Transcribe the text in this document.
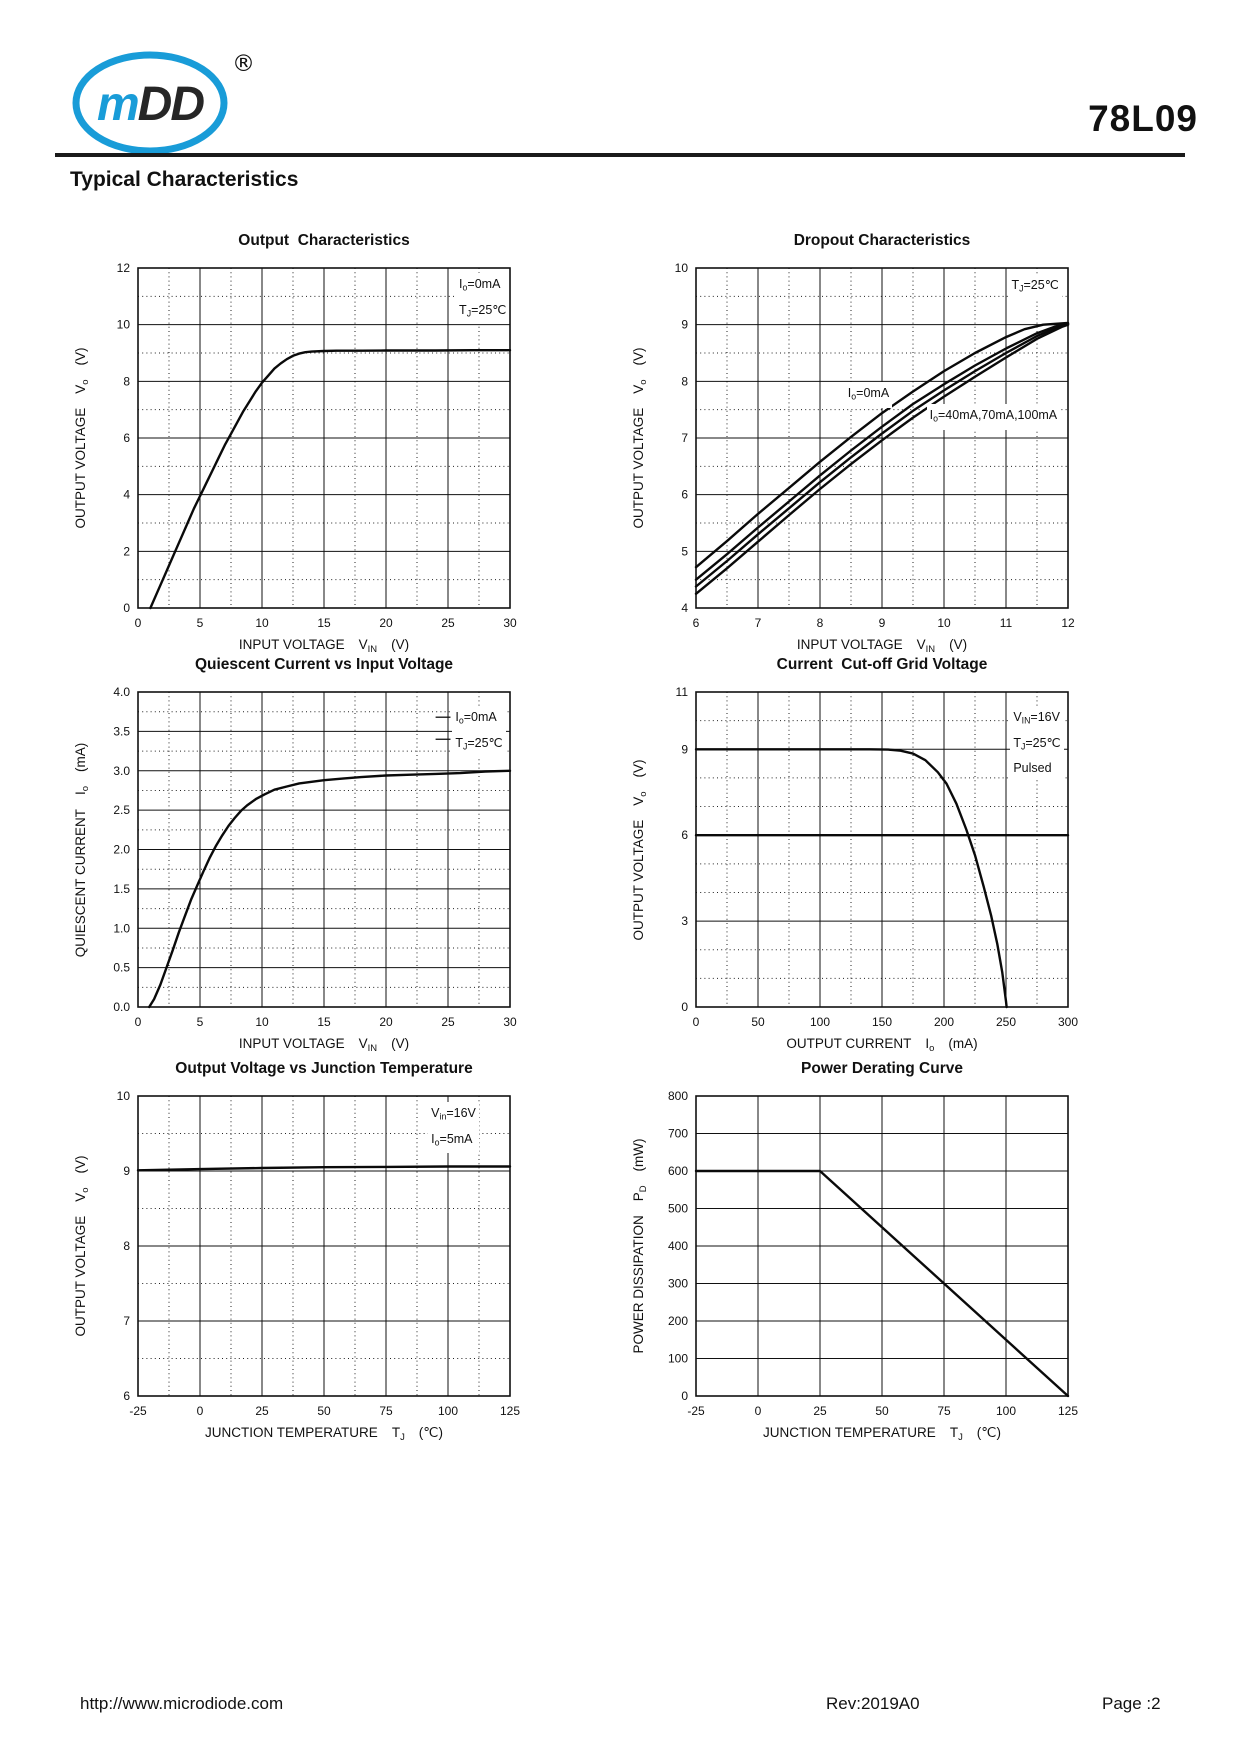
mDD
®
78L09
Typical Characteristics
Output  Characteristics
0	5	10	15	20	25	30
0
2
4
6
8
10
12
$I_o=0mA$
$T_J=25℃$
OUTPUT $VOLTAGEV_o(V)$
INPUT VOLTAGE $V_{IN}$ (V)
Dropout Characteristics
6	7	8	9	10	11	12
4
5
6
7
8
9
10
$T_J=25℃$
$I_o=0mA$
$I_o=40mA,70mA,100mA$
OUTPUT $VOLTAGEV_o(V)$
INPUT VOLTAGE $V_{IN}$ (V)
Quiescent Current vs Input Voltage
0	5	10	15	20	25	30
0.0
0.5
1.0
1.5
2.0
2.5
3.0
3.5
4.0
$I_o=0mA$
$T_J=25℃$
QUIESCENT $CURRENTI_o(mA)$
INPUT VOLTAGE $V_{IN}$ (V)
Current  Cut-off Grid Voltage
0	50	100	150	200	250	300
0
3
6
9
11
$V_{IN}=16V$
$T_J=25℃$
Pulsed
OUTPUT $VOLTAGEV_o(V)$
OUTPUT CURRENT $I_o$ (mA)
Output Voltage vs Junction Temperature
-25	0	25	50	75	100	125
6
7
8
9
10
$V_{in}=16V$
$I_o=5mA$
OUTPUT $VOLTAGEV_o(V)$
JUNCTION TEMPERATURE $T_J$ (℃)
Power Derating Curve
-25	0	25	50	75	100	125
0
100
200
300
400
500
600
700
800
POWER $DISSIPATIONP_D(mW)$
JUNCTION TEMPERATURE $T_J$ (℃)
http://www.microdiode.com	Rev:2019A0	Page :2
